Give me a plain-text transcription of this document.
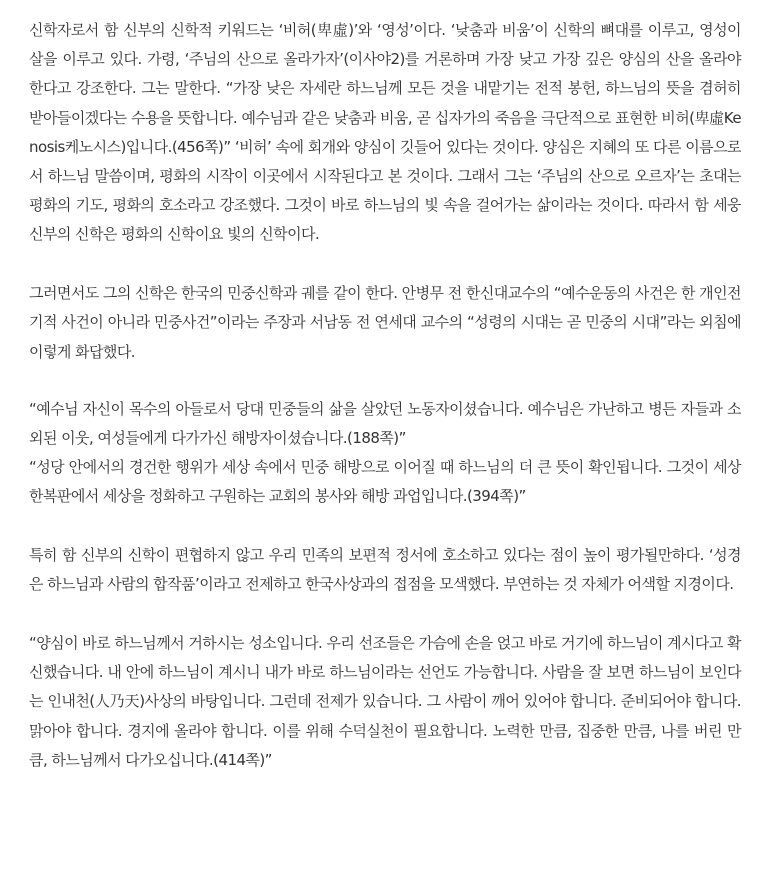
신학자로서 함 신부의 신학적 키워드는 ‘비허(卑虛)’와 ‘영성’이다. ‘낮춤과 비움’이 신학의 뼈대를 이루고, 영성이 살을 이루고 있다. 가령, ‘주님의 산으로 올라가자’(이사야2)를 거론하며 가장 낮고 가장 깊은 양심의 산을 올라야 한다고 강조한다. 그는 말한다. “가장 낮은 자세란 하느님께 모든 것을 내맡기는 전적 봉헌, 하느님의 뜻을 겸허히 받아들이겠다는 수용을 뜻합니다. 예수님과 같은 낮춤과 비움, 곧 십자가의 죽음을 극단적으로 표현한 비허(卑虛Kenosis케노시스)입니다.(456쪽)” ‘비허’ 속에 회개와 양심이 깃들어 있다는 것이다. 양심은 지혜의 또 다른 이름으로서 하느님 말씀이며, 평화의 시작이 이곳에서 시작된다고 본 것이다. 그래서 그는 ‘주님의 산으로 오르자’는 초대는 평화의 기도, 평화의 호소라고 강조했다. 그것이 바로 하느님의 빛 속을 걸어가는 삶이라는 것이다. 따라서 함 세웅 신부의 신학은 평화의 신학이요 빛의 신학이다.

그러면서도 그의 신학은 한국의 민중신학과 궤를 같이 한다. 안병무 전 한신대교수의 “예수운동의 사건은 한 개인전기적 사건이 아니라 민중사건”이라는 주장과 서남동 전 연세대 교수의 “성령의 시대는 곧 민중의 시대”라는 외침에 이렇게 화답했다.

“예수님 자신이 목수의 아들로서 당대 민중들의 삶을 살았던 노동자이셨습니다. 예수님은 가난하고 병든 자들과 소외된 이웃, 여성들에게 다가가신 해방자이셨습니다.(188쪽)”

“성당 안에서의 경건한 행위가 세상 속에서 민중 해방으로 이어질 때 하느님의 더 큰 뜻이 확인됩니다. 그것이 세상 한복판에서 세상을 정화하고 구원하는 교회의 봉사와 해방 과업입니다.(394쪽)”

특히 함 신부의 신학이 편협하지 않고 우리 민족의 보편적 정서에 호소하고 있다는 점이 높이 평가될만하다. ‘성경은 하느님과 사람의 합작품’이라고 전제하고 한국사상과의 접점을 모색했다. 부연하는 것 자체가 어색할 지경이다.

“양심이 바로 하느님께서 거하시는 성소입니다. 우리 선조들은 가슴에 손을 얹고 바로 거기에 하느님이 계시다고 확신했습니다. 내 안에 하느님이 계시니 내가 바로 하느님이라는 선언도 가능합니다. 사람을 잘 보면 하느님이 보인다는 인내천(人乃天)사상의 바탕입니다. 그런데 전제가 있습니다. 그 사람이 깨어 있어야 합니다. 준비되어야 합니다. 맑아야 합니다. 경지에 올라야 합니다. 이를 위해 수덕실천이 필요합니다. 노력한 만큼, 집중한 만큼, 나를 버린 만큼, 하느님께서 다가오십니다.(414쪽)”
